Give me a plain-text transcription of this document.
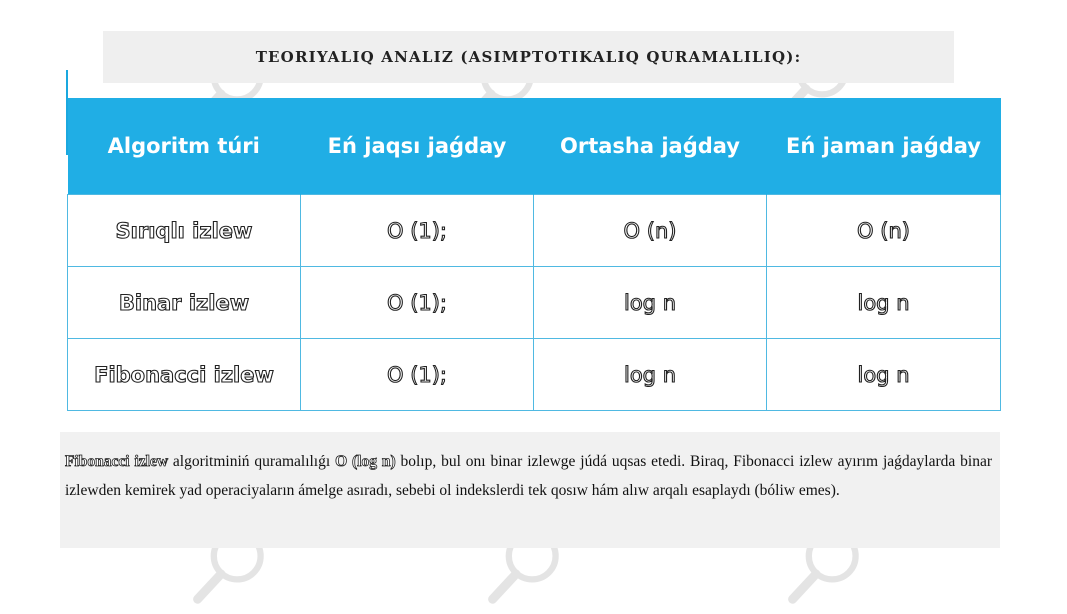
TEORIYALIQ ANALIZ (ASIMPTOTIKALIQ QURAMALILIQ):
Algoritm túri	Eń jaqsı jaǵday	Ortasha jaǵday	Eń jaman jaǵday
Sırıqlı izlew	O (1);	O (n)	O (n)
Binar izlew	O (1);	log n	log n
Fibonacci izlew	O (1);	log n	log n

Fibonacci izlew algoritminiń quramalılıǵı O (log n) bolıp, bul onı binar izlewge júdá uqsas etedi. Biraq, Fibonacci izlew ayırım jaǵdaylarda binar izlewden kemirek yad operaciyaların ámelge asıradı, sebebi ol indekslerdi tek qosıw hám alıw arqalı esaplaydı (bóliw emes).
